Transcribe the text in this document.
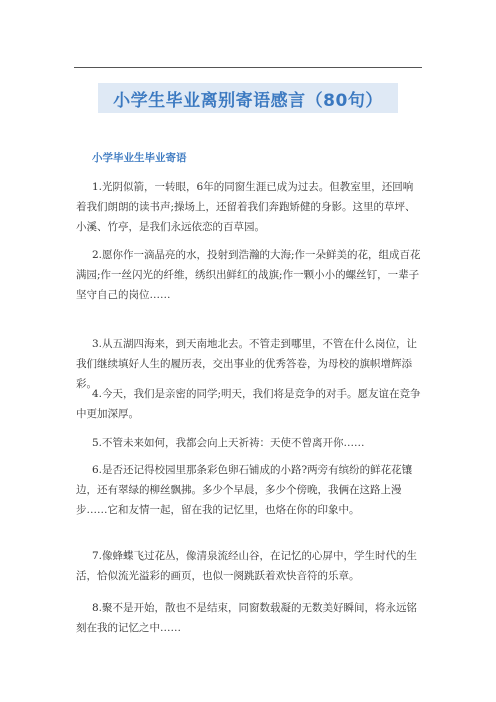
小学生毕业离别寄语感言（80句）
小学毕业生毕业寄语
1.光阴似箭，一转眼，6年的同窗生涯已成为过去。但教室里，还回响着我们朗朗的读书声;操场上，还留着我们奔跑矫健的身影。这里的草坪、小溪、竹亭，是我们永远依恋的百草园。
2.愿你作一滴晶亮的水，投射到浩瀚的大海;作一朵鲜美的花，组成百花满园;作一丝闪光的纤维，绣织出鲜红的战旗;作一颗小小的螺丝钉，一辈子坚守自己的岗位……
3.从五湖四海来，到天南地北去。不管走到哪里，不管在什么岗位，让我们继续填好人生的履历表，交出事业的优秀答卷，为母校的旗帜增辉添彩。
4.今天，我们是亲密的同学;明天，我们将是竞争的对手。愿友谊在竞争中更加深厚。
5.不管未来如何，我都会向上天祈祷：天使不曾离开你……
6.是否还记得校园里那条彩色卵石铺成的小路?两旁有缤纷的鲜花花镶边，还有翠绿的柳丝飘拂。多少个早晨，多少个傍晚，我俩在这路上漫步……它和友情一起，留在我的记忆里，也烙在你的印象中。
7.像蜂蝶飞过花丛，像清泉流经山谷，在记忆的心屏中，学生时代的生活，恰似流光溢彩的画页，也似一阕跳跃着欢快音符的乐章。
8.聚不是开始，散也不是结束，同窗数载凝的无数美好瞬间，将永远铭刻在我的记忆之中……
